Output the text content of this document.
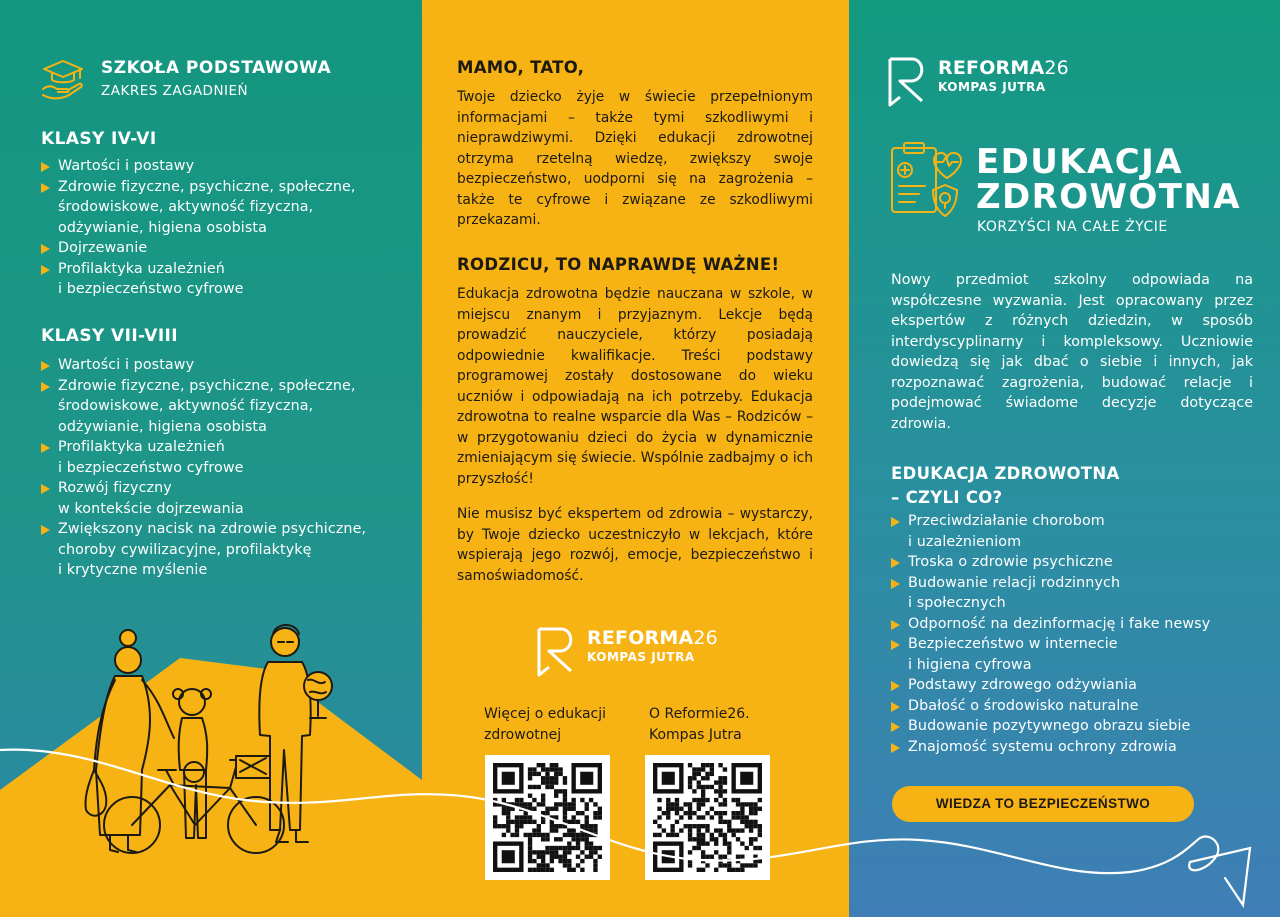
SZKOŁA PODSTAWOWA
ZAKRES ZAGADNIEŃ
KLASY IV-VI
Wartości i postawy
Zdrowie fizyczne, psychiczne, społeczne,
środowiskowe, aktywność fizyczna,
odżywianie, higiena osobista
Dojrzewanie
Profilaktyka uzależnień
i bezpieczeństwo cyfrowe
KLASY VII-VIII
Wartości i postawy
Zdrowie fizyczne, psychiczne, społeczne,
środowiskowe, aktywność fizyczna,
odżywianie, higiena osobista
Profilaktyka uzależnień
i bezpieczeństwo cyfrowe
Rozwój fizyczny
w kontekście dojrzewania
Zwiększony nacisk na zdrowie psychiczne,
choroby cywilizacyjne, profilaktykę
i krytyczne myślenie
MAMO, TATO,

Twoje dziecko żyje w świecie przepełnionym informacjami – także tymi szkodliwymi i nieprawdziwymi. Dzięki edukacji zdrowotnej otrzyma rzetelną wiedzę, zwiększy swoje bezpieczeństwo, uodporni się na zagrożenia – także te cyfrowe i związane ze szkodliwymi przekazami.

RODZICU, TO NAPRAWDĘ WAŻNE!

Edukacja zdrowotna będzie nauczana w szkole, w miejscu znanym i przyjaznym. Lekcje będą prowadzić nauczyciele, którzy posiadają odpowiednie kwalifikacje. Treści podstawy programowej zostały dostosowane do wieku uczniów i odpowiadają na ich potrzeby. Edukacja zdrowotna to realne wsparcie dla Was – Rodziców – w przygotowaniu dzieci do życia w dynamicznie zmieniającym się świecie. Wspólnie zadbajmy o ich przyszłość!

Nie musisz być ekspertem od zdrowia – wystarczy, by Twoje dziecko uczestniczyło w lekcjach, które wspierają jego rozwój, emocje, bezpieczeństwo i samoświadomość.

REFORMA26
KOMPAS JUTRA
Więcej o edukacji
zdrowotnej
O Reformie26.
Kompas Jutra
REFORMA26
KOMPAS JUTRA
EDUKACJA
ZDROWOTNA
KORZYŚCI NA CAŁE ŻYCIE

Nowy przedmiot szkolny odpowiada na współczesne wyzwania. Jest opracowany przez ekspertów z różnych dziedzin, w sposób interdyscyplinarny i kompleksowy. Uczniowie dowiedzą się jak dbać o siebie i innych, jak rozpoznawać zagrożenia, budować relacje i podejmować świadome decyzje dotyczące zdrowia.

EDUKACJA ZDROWOTNA
– CZYLI CO?
Przeciwdziałanie chorobom
i uzależnieniom
Troska o zdrowie psychiczne
Budowanie relacji rodzinnych
i społecznych
Odporność na dezinformację i fake newsy
Bezpieczeństwo w internecie
i higiena cyfrowa
Podstawy zdrowego odżywiania
Dbałość o środowisko naturalne
Budowanie pozytywnego obrazu siebie
Znajomość systemu ochrony zdrowia
WIEDZA TO BEZPIECZEŃSTWO
